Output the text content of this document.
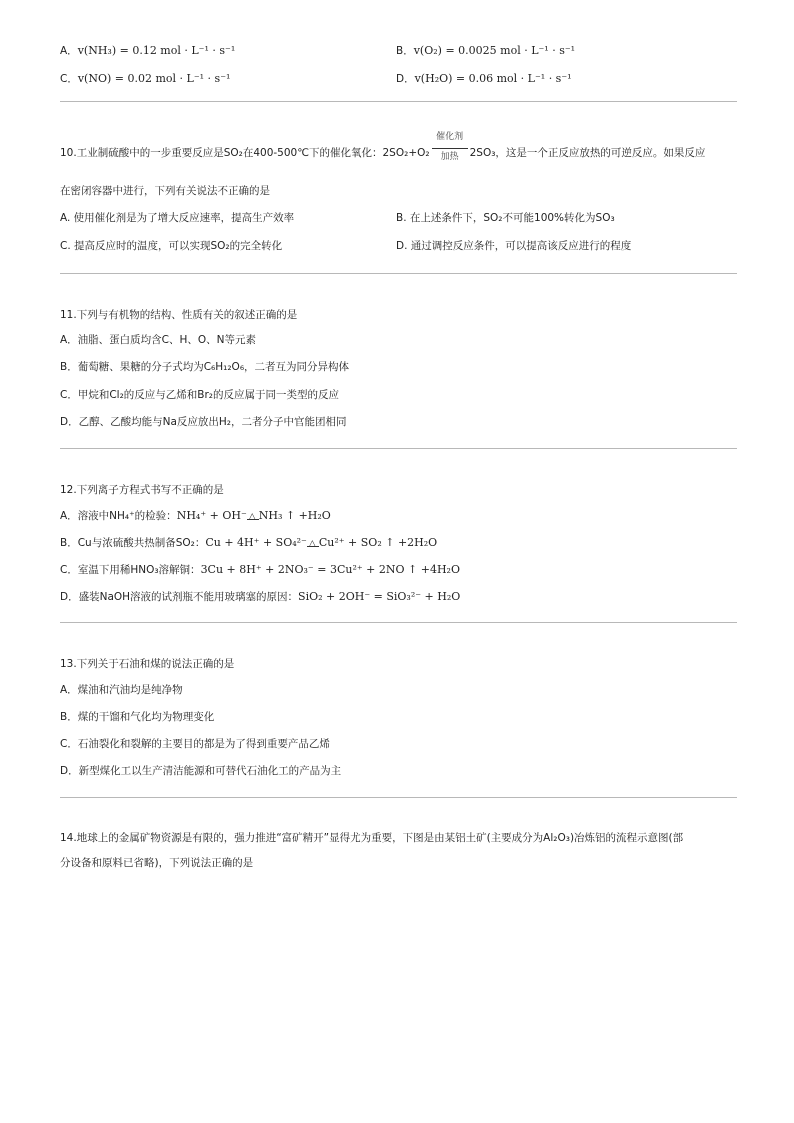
A．v(NH₃) = 0.12 mol · L⁻¹ · s⁻¹	B．v(O₂) = 0.0025 mol · L⁻¹ · s⁻¹
C．v(NO) = 0.02 mol · L⁻¹ · s⁻¹	D．v(H₂O) = 0.06 mol · L⁻¹ · s⁻¹
10.工业制硫酸中的一步重要反应是SO₂在400-500℃下的催化氧化：2SO₂+O₂
催化剂
加热	2SO₃，这是一个正反应放热的可逆反应。如果反应
在密闭容器中进行，下列有关说法不正确的是
A. 使用催化剂是为了增大反应速率，提高生产效率	B. 在上述条件下，SO₂不可能100%转化为SO₃
C. 提高反应时的温度，可以实现SO₂的完全转化	D. 通过调控反应条件，可以提高该反应进行的程度
11.下列与有机物的结构、性质有关的叙述正确的是
A．油脂、蛋白质均含C、H、O、N等元素
B．葡萄糖、果糖的分子式均为C₆H₁₂O₆，二者互为同分异构体
C．甲烷和Cl₂的反应与乙烯和Br₂的反应属于同一类型的反应
D．乙醇、乙酸均能与Na反应放出H₂，二者分子中官能团相同
12.下列离子方程式书写不正确的是
A．溶液中NH₄⁺的检验：NH₄⁺ + OH⁻ △ NH₃ ↑ +H₂O
B．Cu与浓硫酸共热制备SO₂：Cu + 4H⁺ + SO₄²⁻ △ Cu²⁺ + SO₂ ↑ +2H₂O
C．室温下用稀HNO₃溶解铜：3Cu + 8H⁺ + 2NO₃⁻ = 3Cu²⁺ + 2NO ↑ +4H₂O
D．盛装NaOH溶液的试剂瓶不能用玻璃塞的原因：SiO₂ + 2OH⁻ = SiO₃²⁻ + H₂O
13.下列关于石油和煤的说法正确的是
A．煤油和汽油均是纯净物
B．煤的干馏和气化均为物理变化
C．石油裂化和裂解的主要目的都是为了得到重要产品乙烯
D．新型煤化工以生产清洁能源和可替代石油化工的产品为主
14.地球上的金属矿物资源是有限的，强力推进“富矿精开”显得尤为重要，下图是由某铝土矿(主要成分为Al₂O₃)冶炼铝的流程示意图(部
分设备和原料已省略)，下列说法正确的是
